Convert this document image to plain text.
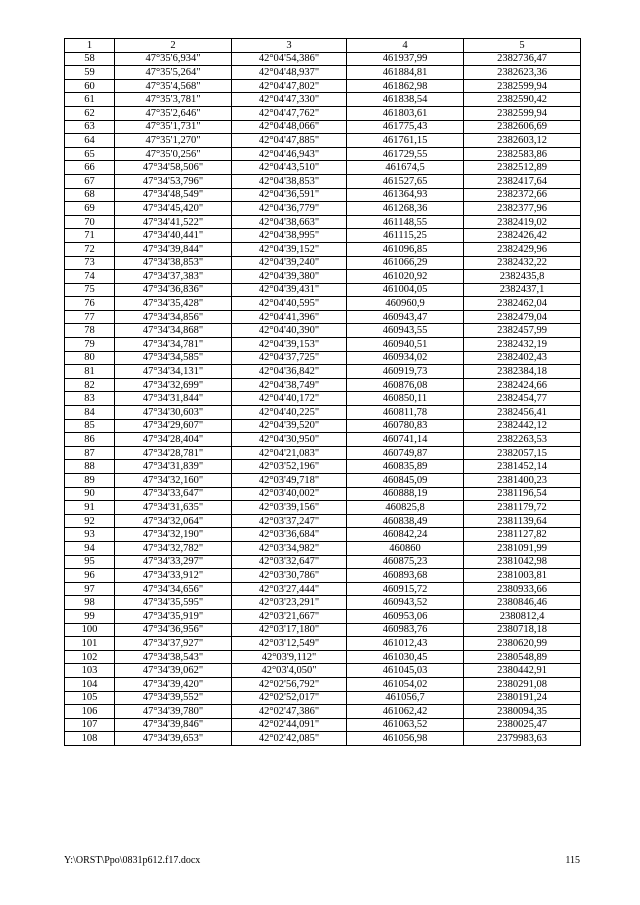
1	2	3	4	5
58	47°35'6,934"	42°04'54,386"	461937,99	2382736,47
59	47°35'5,264"	42°04'48,937"	461884,81	2382623,36
60	47°35'4,568"	42°04'47,802"	461862,98	2382599,94
61	47°35'3,781"	42°04'47,330"	461838,54	2382590,42
62	47°35'2,646"	42°04'47,762"	461803,61	2382599,94
63	47°35'1,731"	42°04'48,066"	461775,43	2382606,69
64	47°35'1,270"	42°04'47,885"	461761,15	2382603,12
65	47°35'0,256"	42°04'46,943"	461729,55	2382583,86
66	47°34'58,506"	42°04'43,510"	461674,5	2382512,89
67	47°34'53,796"	42°04'38,853"	461527,65	2382417,64
68	47°34'48,549"	42°04'36,591"	461364,93	2382372,66
69	47°34'45,420"	42°04'36,779"	461268,36	2382377,96
70	47°34'41,522"	42°04'38,663"	461148,55	2382419,02
71	47°34'40,441"	42°04'38,995"	461115,25	2382426,42
72	47°34'39,844"	42°04'39,152"	461096,85	2382429,96
73	47°34'38,853"	42°04'39,240"	461066,29	2382432,22
74	47°34'37,383"	42°04'39,380"	461020,92	2382435,8
75	47°34'36,836"	42°04'39,431"	461004,05	2382437,1
76	47°34'35,428"	42°04'40,595"	460960,9	2382462,04
77	47°34'34,856"	42°04'41,396"	460943,47	2382479,04
78	47°34'34,868"	42°04'40,390"	460943,55	2382457,99
79	47°34'34,781"	42°04'39,153"	460940,51	2382432,19
80	47°34'34,585"	42°04'37,725"	460934,02	2382402,43
81	47°34'34,131"	42°04'36,842"	460919,73	2382384,18
82	47°34'32,699"	42°04'38,749"	460876,08	2382424,66
83	47°34'31,844"	42°04'40,172"	460850,11	2382454,77
84	47°34'30,603"	42°04'40,225"	460811,78	2382456,41
85	47°34'29,607"	42°04'39,520"	460780,83	2382442,12
86	47°34'28,404"	42°04'30,950"	460741,14	2382263,53
87	47°34'28,781"	42°04'21,083"	460749,87	2382057,15
88	47°34'31,839"	42°03'52,196"	460835,89	2381452,14
89	47°34'32,160"	42°03'49,718"	460845,09	2381400,23
90	47°34'33,647"	42°03'40,002"	460888,19	2381196,54
91	47°34'31,635"	42°03'39,156"	460825,8	2381179,72
92	47°34'32,064"	42°03'37,247"	460838,49	2381139,64
93	47°34'32,190"	42°03'36,684"	460842,24	2381127,82
94	47°34'32,782"	42°03'34,982"	460860	2381091,99
95	47°34'33,297"	42°03'32,647"	460875,23	2381042,98
96	47°34'33,912"	42°03'30,786"	460893,68	2381003,81
97	47°34'34,656"	42°03'27,444"	460915,72	2380933,66
98	47°34'35,595"	42°03'23,291"	460943,52	2380846,46
99	47°34'35,919"	42°03'21,667"	460953,06	2380812,4
100	47°34'36,956"	42°03'17,180"	460983,76	2380718,18
101	47°34'37,927"	42°03'12,549"	461012,43	2380620,99
102	47°34'38,543"	42°03'9,112"	461030,45	2380548,89
103	47°34'39,062"	42°03'4,050"	461045,03	2380442,91
104	47°34'39,420"	42°02'56,792"	461054,02	2380291,08
105	47°34'39,552"	42°02'52,017"	461056,7	2380191,24
106	47°34'39,780"	42°02'47,386"	461062,42	2380094,35
107	47°34'39,846"	42°02'44,091"	461063,52	2380025,47
108	47°34'39,653"	42°02'42,085"	461056,98	2379983,63
Y:\ORST\Ppo\0831p612.f17.docx	115
